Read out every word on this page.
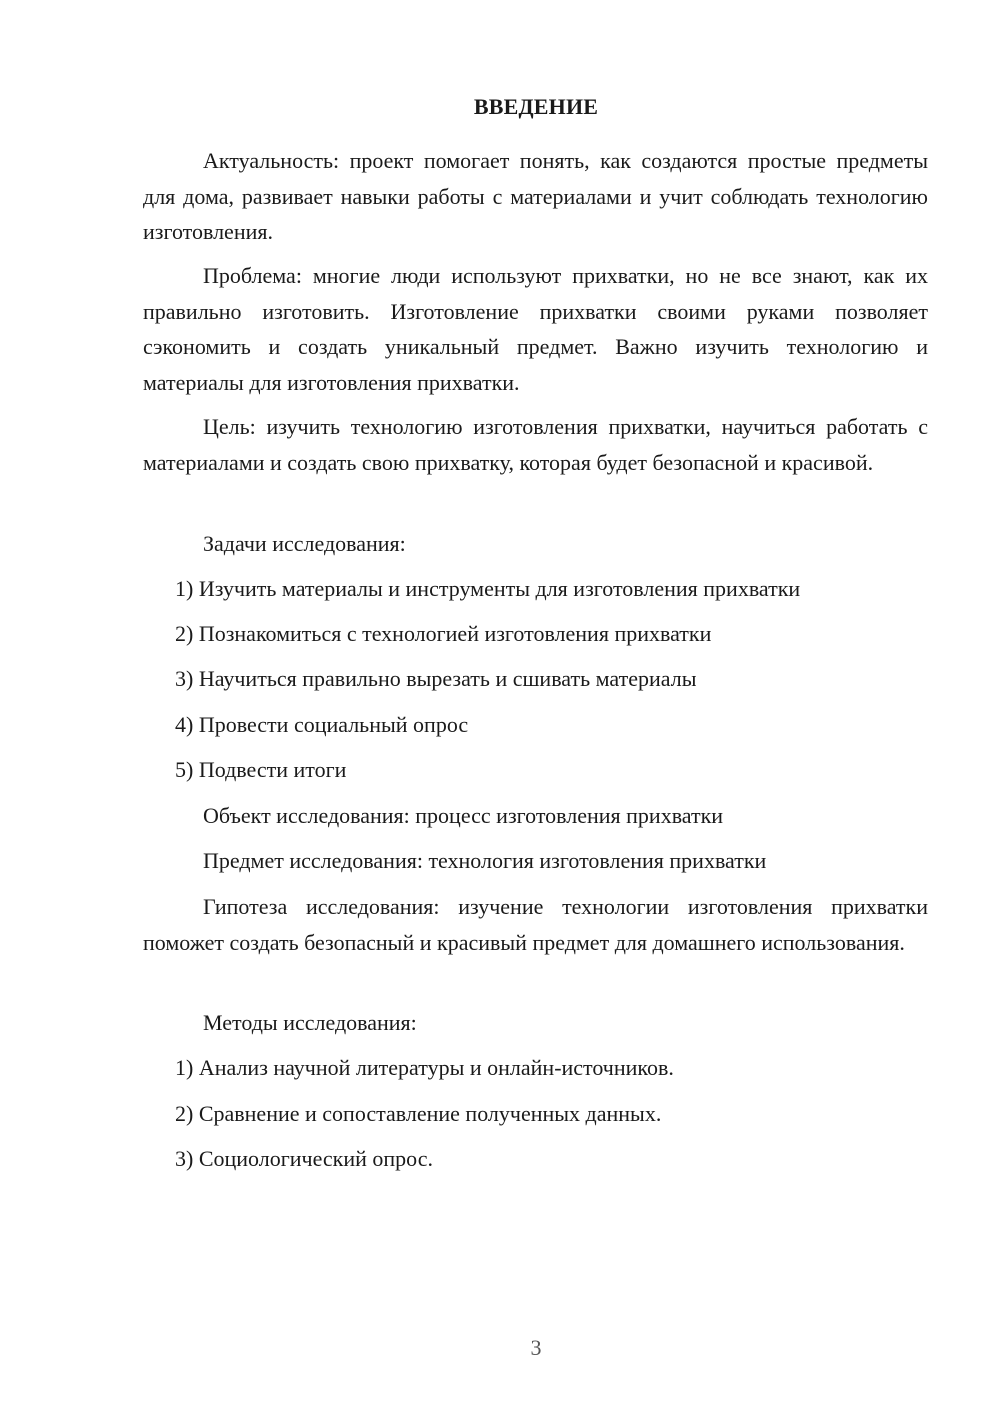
ВВЕДЕНИЕ
Актуальность: проект помогает понять, как создаются простые предметы для дома, развивает навыки работы с материалами и учит соблюдать технологию изготовления.
Проблема: многие люди используют прихватки, но не все знают, как их правильно изготовить. Изготовление прихватки своими руками позволяет сэкономить и создать уникальный предмет. Важно изучить технологию и материалы для изготовления прихватки.
Цель: изучить технологию изготовления прихватки, научиться работать с материалами и создать свою прихватку, которая будет безопасной и красивой.
Задачи исследования:
1) Изучить материалы и инструменты для изготовления прихватки
2) Познакомиться с технологией изготовления прихватки
3) Научиться правильно вырезать и сшивать материалы
4) Провести социальный опрос
5) Подвести итоги
Объект исследования: процесс изготовления прихватки
Предмет исследования: технология изготовления прихватки
Гипотеза исследования: изучение технологии изготовления прихватки поможет создать безопасный и красивый предмет для домашнего использования.
Методы исследования:
1) Анализ научной литературы и онлайн-источников.
2) Сравнение и сопоставление полученных данных.
3) Социологический опрос.
3
